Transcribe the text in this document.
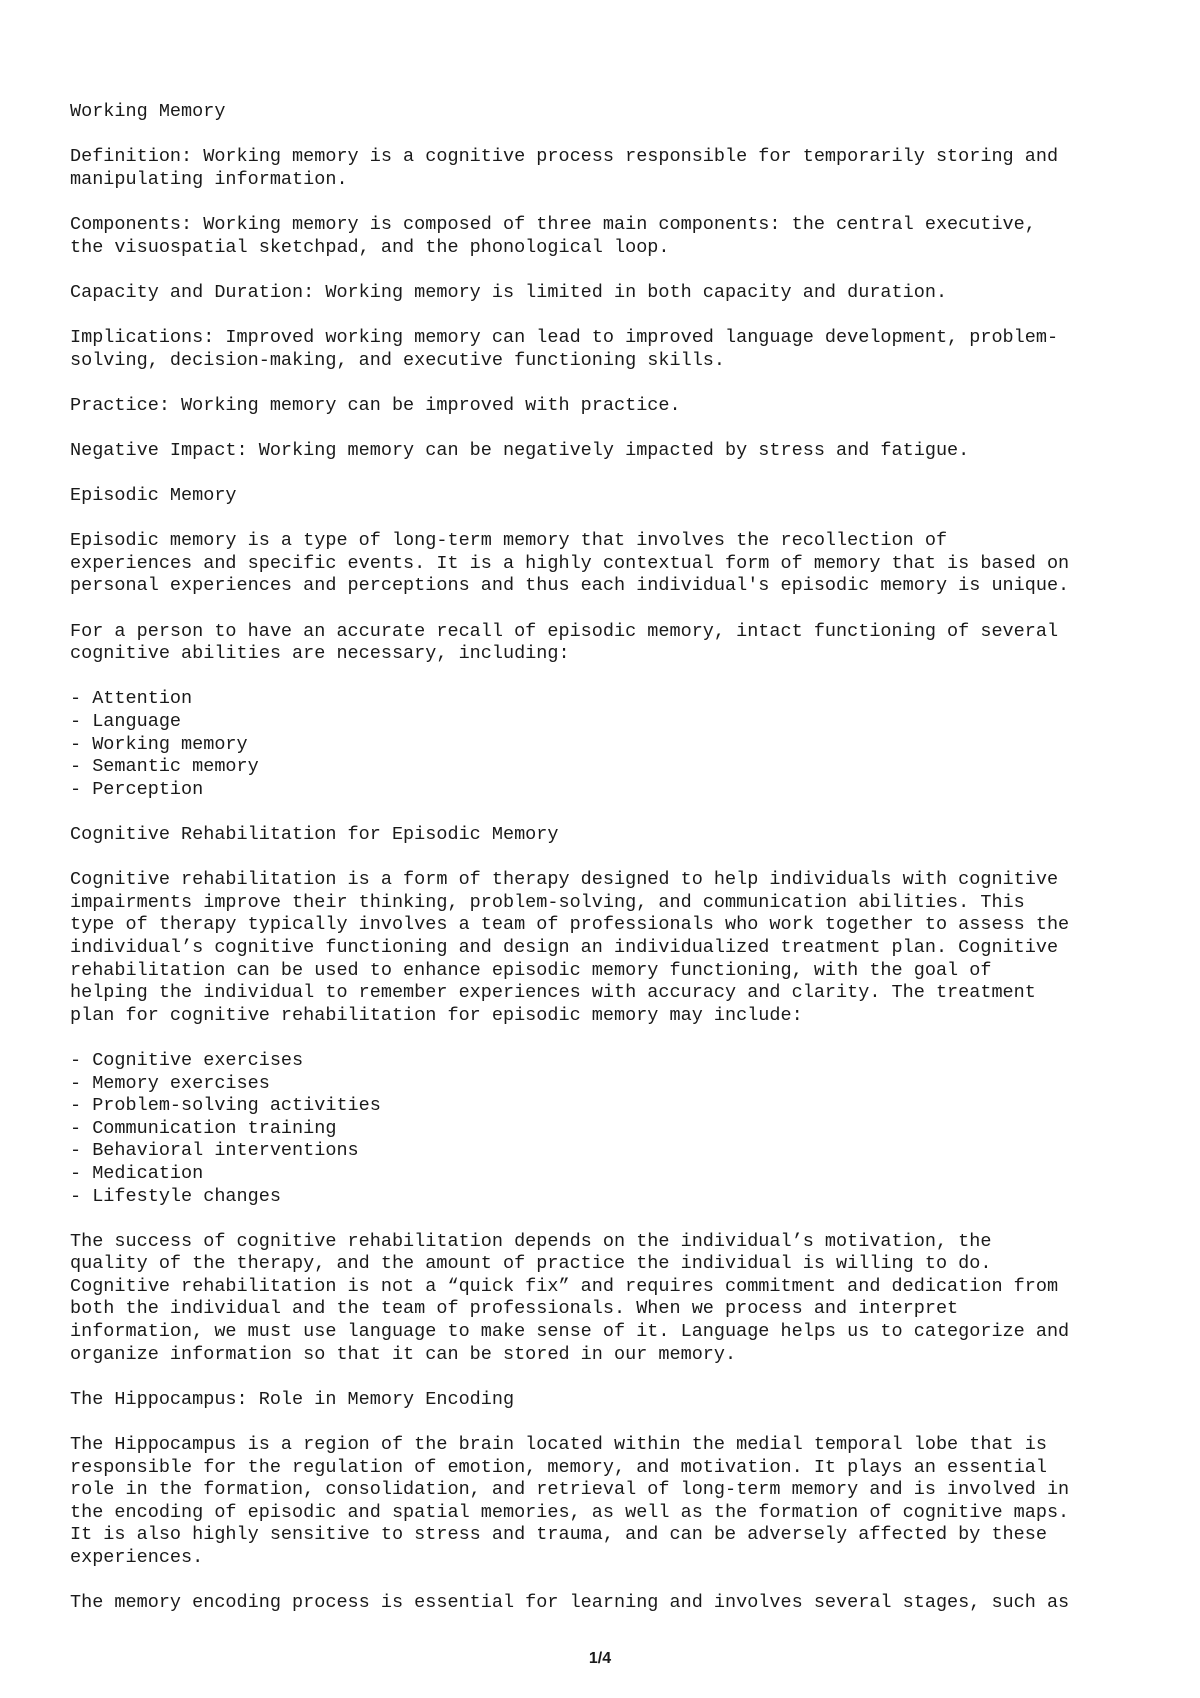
Working Memory
Definition: Working memory is a cognitive process responsible for temporarily storing and
manipulating information.
Components: Working memory is composed of three main components: the central executive,
the visuospatial sketchpad, and the phonological loop.
Capacity and Duration: Working memory is limited in both capacity and duration.
Implications: Improved working memory can lead to improved language development, problem-
solving, decision-making, and executive functioning skills.
Practice: Working memory can be improved with practice.
Negative Impact: Working memory can be negatively impacted by stress and fatigue.
Episodic Memory
Episodic memory is a type of long-term memory that involves the recollection of
experiences and specific events. It is a highly contextual form of memory that is based on
personal experiences and perceptions and thus each individual's episodic memory is unique.
For a person to have an accurate recall of episodic memory, intact functioning of several
cognitive abilities are necessary, including:
- Attention
- Language
- Working memory
- Semantic memory
- Perception
Cognitive Rehabilitation for Episodic Memory
Cognitive rehabilitation is a form of therapy designed to help individuals with cognitive
impairments improve their thinking, problem-solving, and communication abilities. This
type of therapy typically involves a team of professionals who work together to assess the
individual’s cognitive functioning and design an individualized treatment plan. Cognitive
rehabilitation can be used to enhance episodic memory functioning, with the goal of
helping the individual to remember experiences with accuracy and clarity. The treatment
plan for cognitive rehabilitation for episodic memory may include:
- Cognitive exercises
- Memory exercises
- Problem-solving activities
- Communication training
- Behavioral interventions
- Medication
- Lifestyle changes
The success of cognitive rehabilitation depends on the individual’s motivation, the
quality of the therapy, and the amount of practice the individual is willing to do.
Cognitive rehabilitation is not a “quick fix” and requires commitment and dedication from
both the individual and the team of professionals. When we process and interpret
information, we must use language to make sense of it. Language helps us to categorize and
organize information so that it can be stored in our memory.
The Hippocampus: Role in Memory Encoding
The Hippocampus is a region of the brain located within the medial temporal lobe that is
responsible for the regulation of emotion, memory, and motivation. It plays an essential
role in the formation, consolidation, and retrieval of long-term memory and is involved in
the encoding of episodic and spatial memories, as well as the formation of cognitive maps.
It is also highly sensitive to stress and trauma, and can be adversely affected by these
experiences.
The memory encoding process is essential for learning and involves several stages, such as
1/4
